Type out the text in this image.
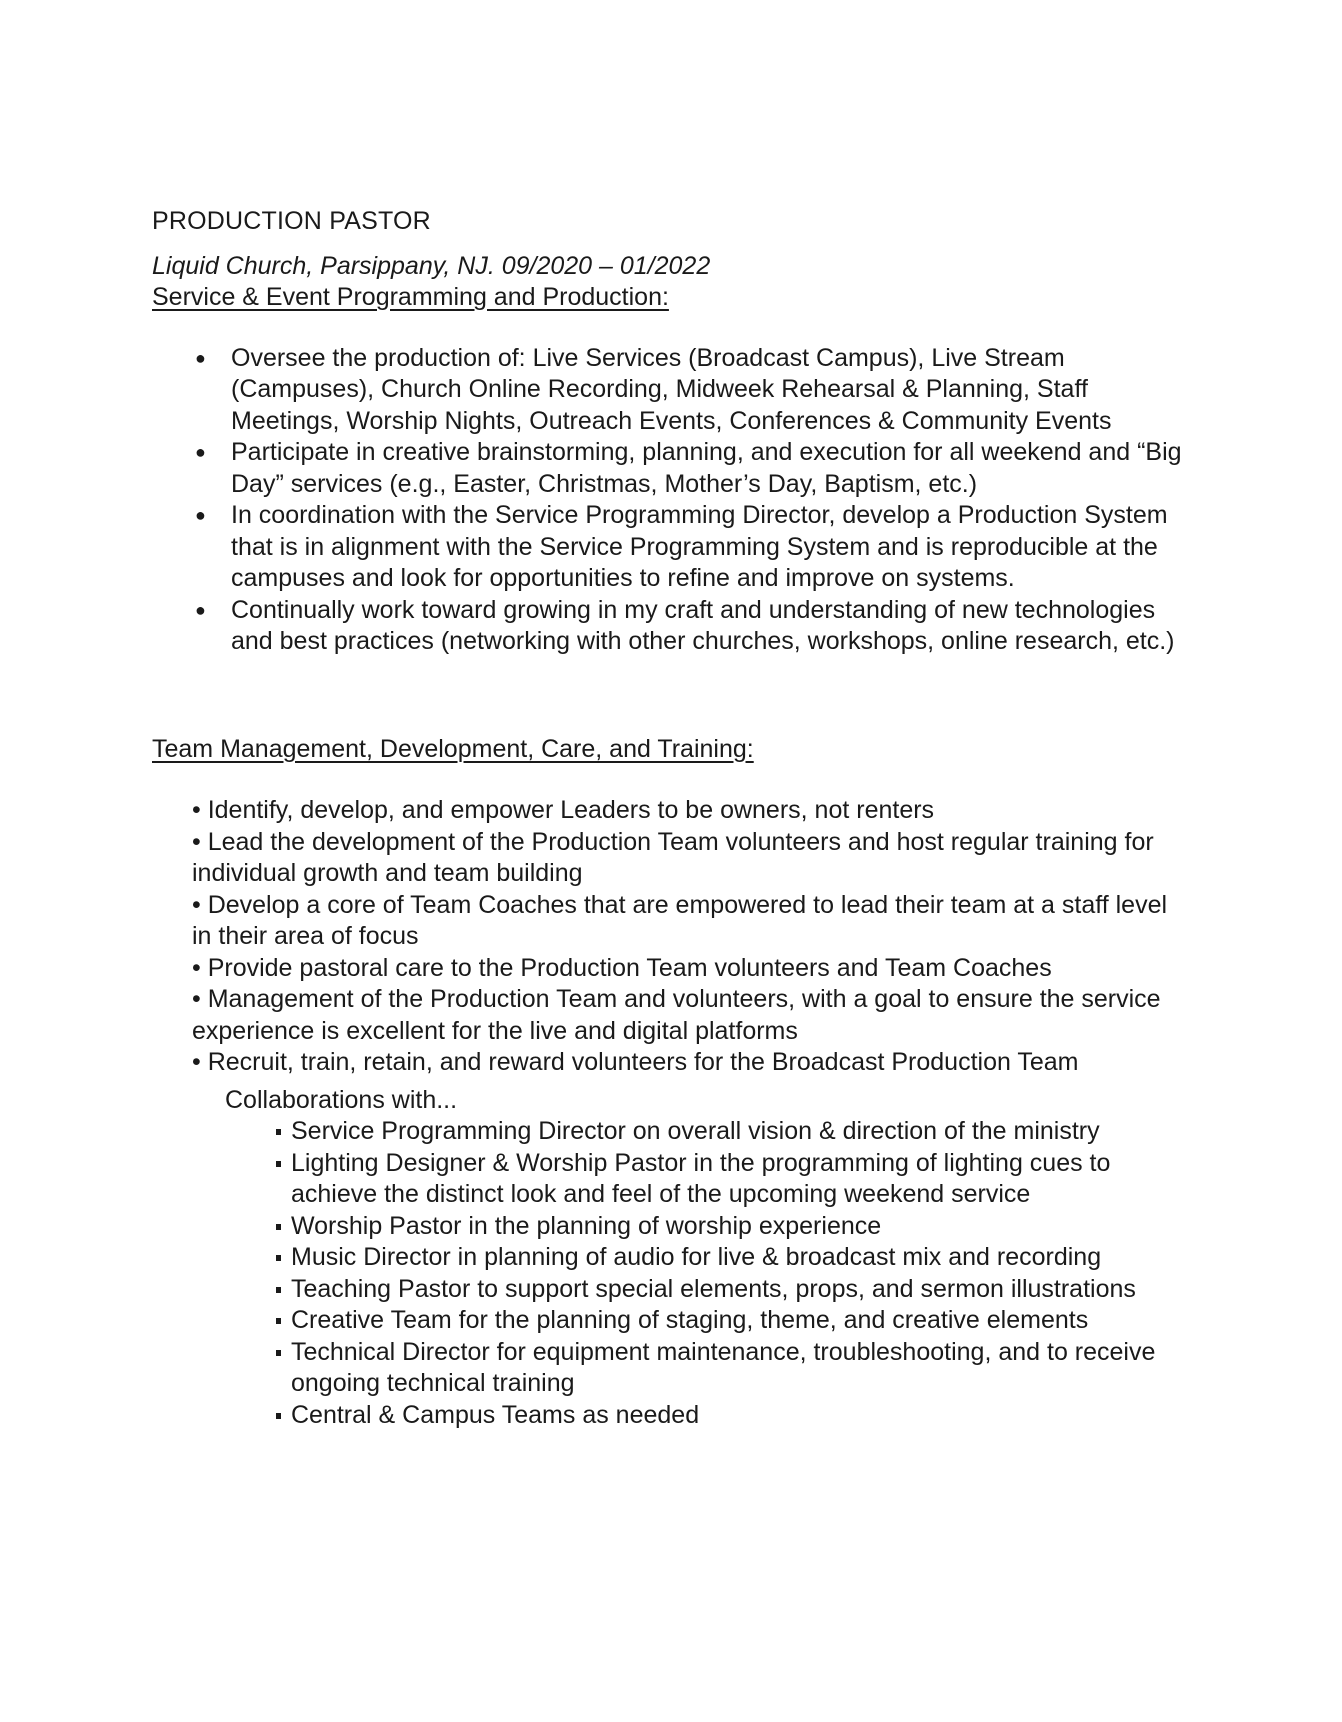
PRODUCTION PASTOR

Liquid Church, Parsippany, NJ. 09/2020 – 01/2022

Service & Event Programming and Production:

● Oversee the production of: Live Services (Broadcast Campus), Live Stream (Campuses), Church Online Recording, Midweek Rehearsal & Planning, Staff Meetings, Worship Nights, Outreach Events, Conferences & Community Events
● Participate in creative brainstorming, planning, and execution for all weekend and “Big Day” services (e.g., Easter, Christmas, Mother’s Day, Baptism, etc.)
● In coordination with the Service Programming Director, develop a Production System that is in alignment with the Service Programming System and is reproducible at the campuses and look for opportunities to refine and improve on systems.
● Continually work toward growing in my craft and understanding of new technologies and best practices (networking with other churches, workshops, online research, etc.)

Team Management, Development, Care, and Training:

• Identify, develop, and empower Leaders to be owners, not renters

• Lead the development of the Production Team volunteers and host regular training for individual growth and team building

• Develop a core of Team Coaches that are empowered to lead their team at a staff level in their area of focus

• Provide pastoral care to the Production Team volunteers and Team Coaches

• Management of the Production Team and volunteers, with a goal to ensure the service experience is excellent for the live and digital platforms

• Recruit, train, retain, and reward volunteers for the Broadcast Production Team

Collaborations with...

Service Programming Director on overall vision & direction of the ministry
Lighting Designer & Worship Pastor in the programming of lighting cues to achieve the distinct look and feel of the upcoming weekend service
Worship Pastor in the planning of worship experience
Music Director in planning of audio for live & broadcast mix and recording
Teaching Pastor to support special elements, props, and sermon illustrations
Creative Team for the planning of staging, theme, and creative elements
Technical Director for equipment maintenance, troubleshooting, and to receive ongoing technical training
Central & Campus Teams as needed
